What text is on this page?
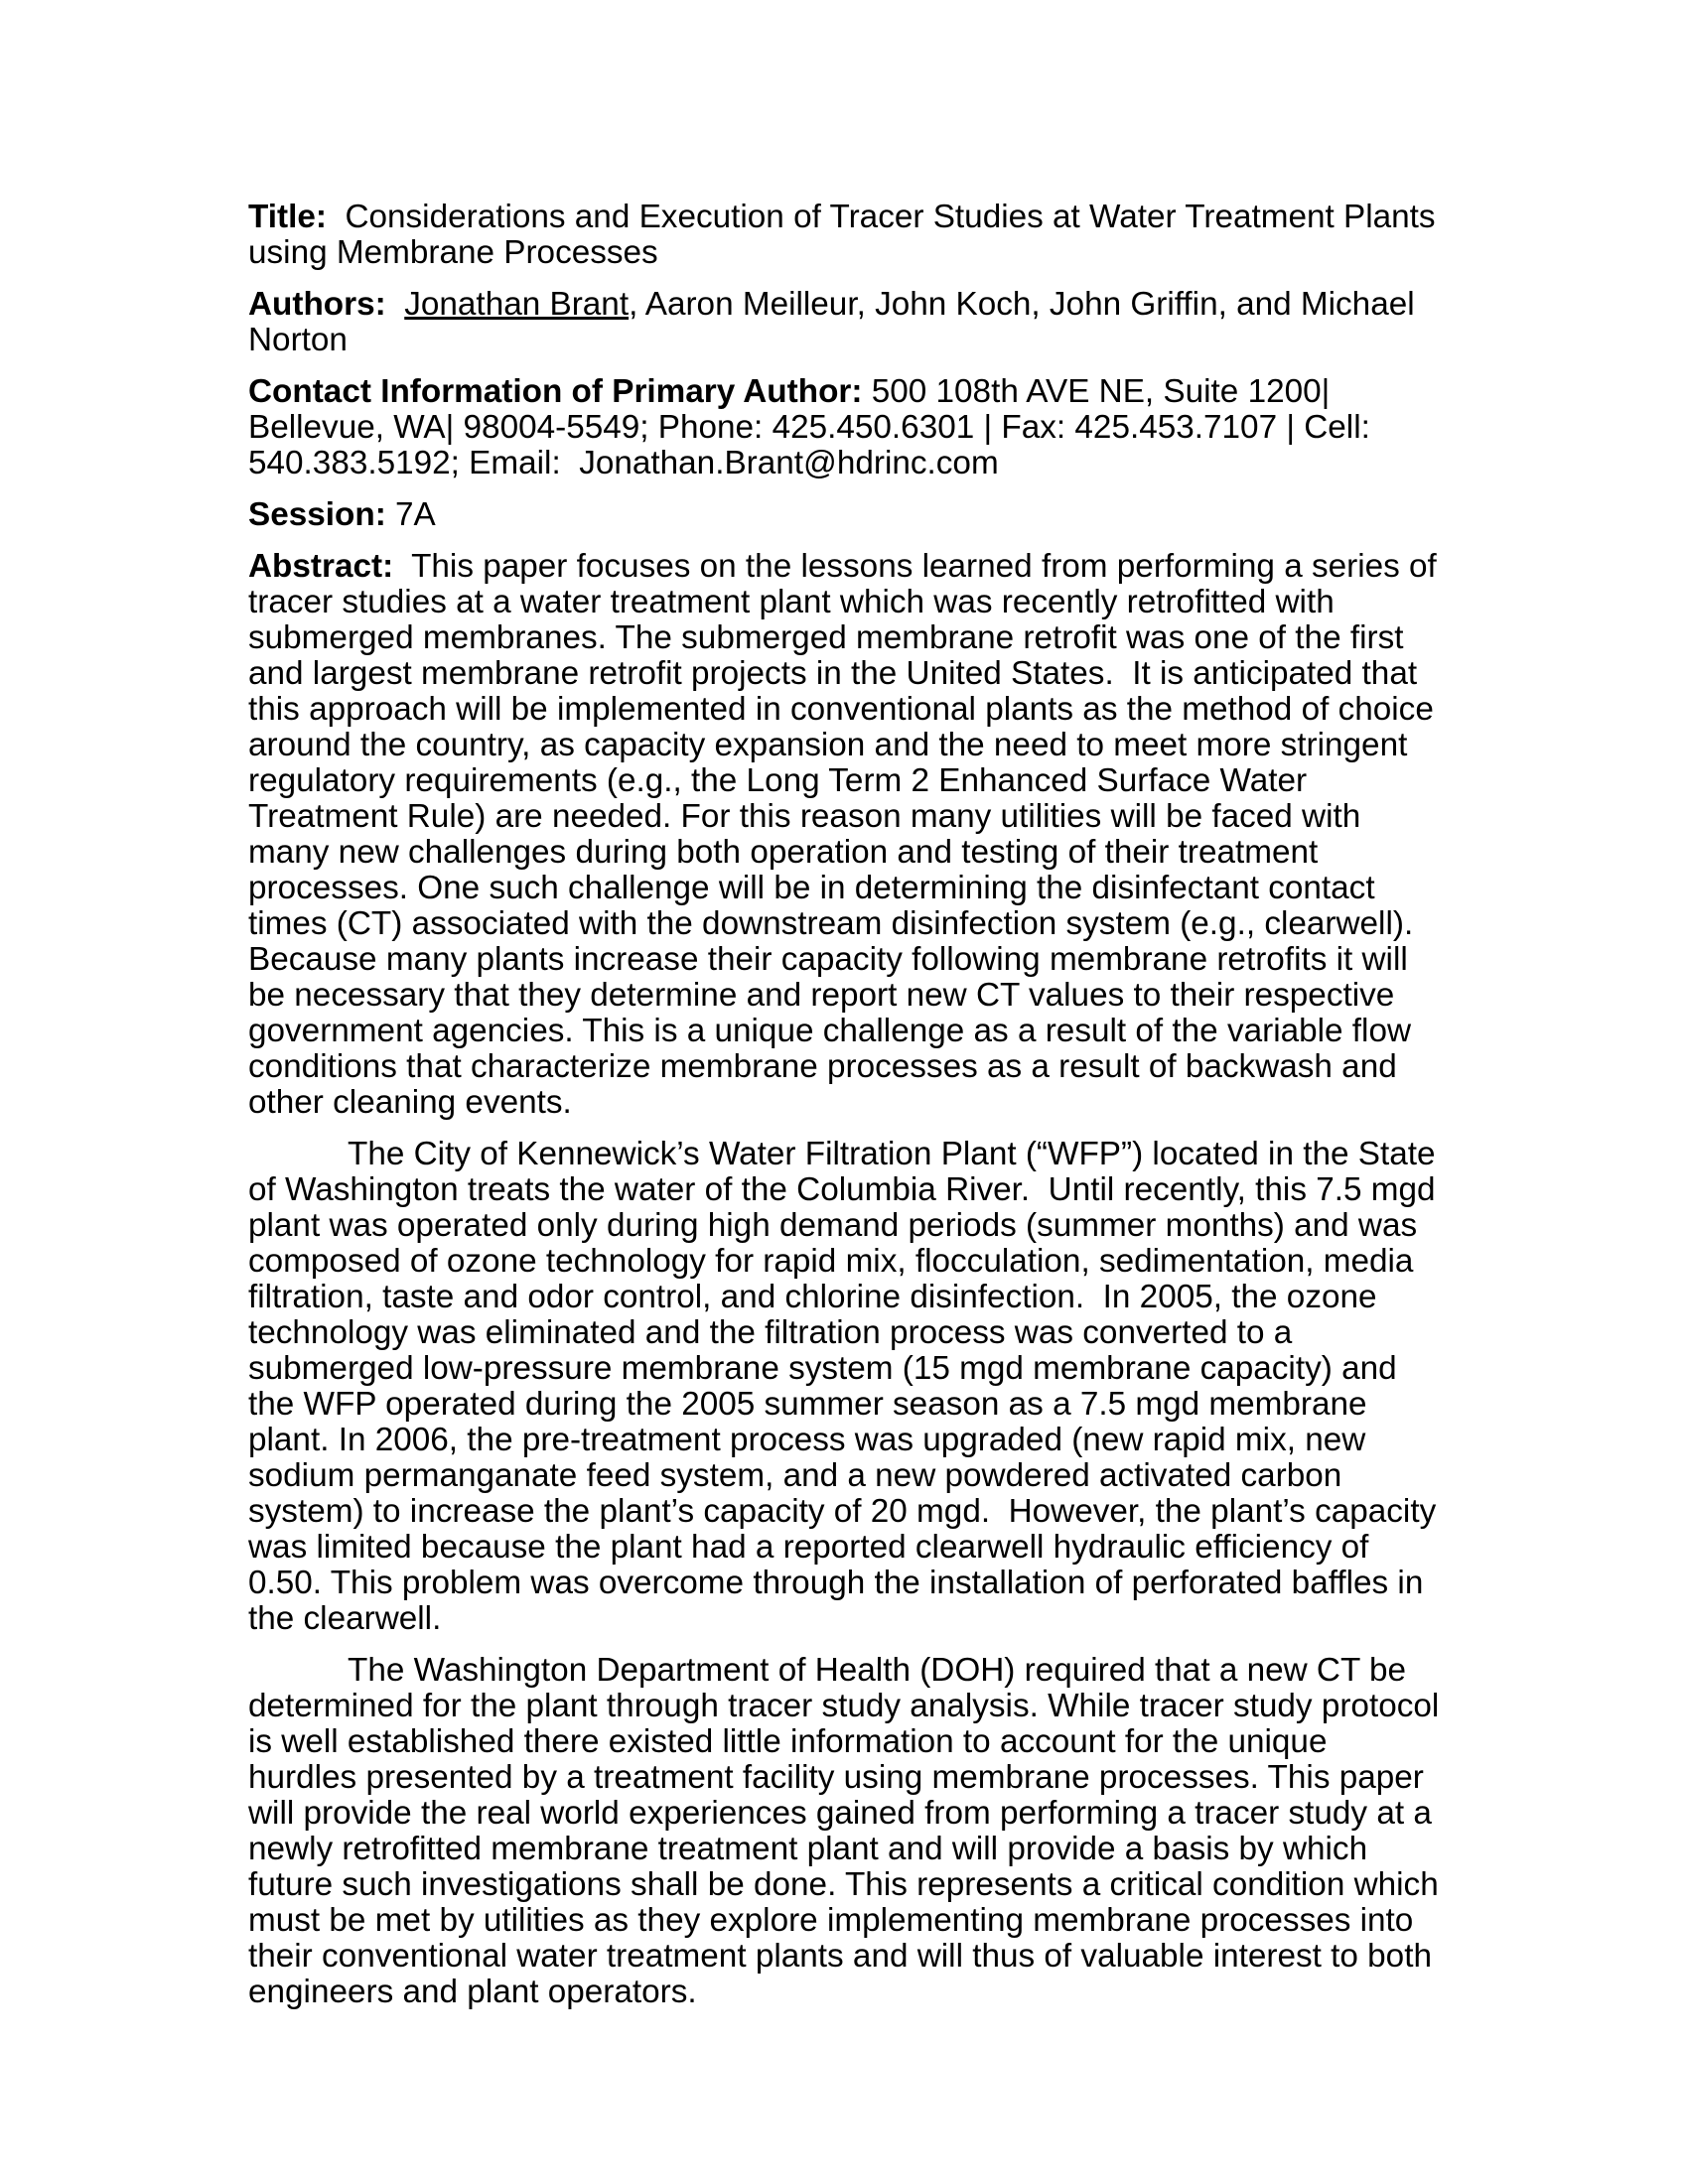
Title:  Considerations and Execution of Tracer Studies at Water Treatment Plants using Membrane Processes

Authors: Jonathan Brant, Aaron Meilleur, John Koch, John Griffin, and Michael Norton

Contact Information of Primary Author: 500 108th AVE NE, Suite 1200| Bellevue, WA| 98004-5549; Phone: 425.450.6301 | Fax: 425.453.7107 | Cell:  540.383.5192; Email:  Jonathan.Brant@hdrinc.com

Session: 7A

Abstract:  This paper focuses on the lessons learned from performing a series of tracer studies at a water treatment plant which was recently retrofitted with submerged membranes. The submerged membrane retrofit was one of the first and largest membrane retrofit projects in the United States.  It is anticipated that this approach will be implemented in conventional plants as the method of choice around the country, as capacity expansion and the need to meet more stringent regulatory requirements (e.g., the Long Term 2 Enhanced Surface Water Treatment Rule) are needed. For this reason many utilities will be faced with many new challenges during both operation and testing of their treatment processes. One such challenge will be in determining the disinfectant contact times (CT) associated with the downstream disinfection system (e.g., clearwell). Because many plants increase their capacity following membrane retrofits it will be necessary that they determine and report new CT values to their respective government agencies. This is a unique challenge as a result of the variable flow conditions that characterize membrane processes as a result of backwash and other cleaning events.

The City of Kennewick’s Water Filtration Plant (“WFP”) located in the State of Washington treats the water of the Columbia River.  Until recently, this 7.5 mgd plant was operated only during high demand periods (summer months) and was composed of ozone technology for rapid mix, flocculation, sedimentation, media filtration, taste and odor control, and chlorine disinfection.  In 2005, the ozone technology was eliminated and the filtration process was converted to a submerged low-pressure membrane system (15 mgd membrane capacity) and the WFP operated during the 2005 summer season as a 7.5 mgd membrane plant. In 2006, the pre-treatment process was upgraded (new rapid mix, new sodium permanganate feed system, and a new powdered activated carbon system) to increase the plant’s capacity of 20 mgd.  However, the plant’s capacity was limited because the plant had a reported clearwell hydraulic efficiency of 0.50. This problem was overcome through the installation of perforated baffles in the clearwell.

The Washington Department of Health (DOH) required that a new CT be determined for the plant through tracer study analysis. While tracer study protocol is well established there existed little information to account for the unique hurdles presented by a treatment facility using membrane processes. This paper will provide the real world experiences gained from performing a tracer study at a newly retrofitted membrane treatment plant and will provide a basis by which future such investigations shall be done. This represents a critical condition which must be met by utilities as they explore implementing membrane processes into their conventional water treatment plants and will thus of valuable interest to both engineers and plant operators.
